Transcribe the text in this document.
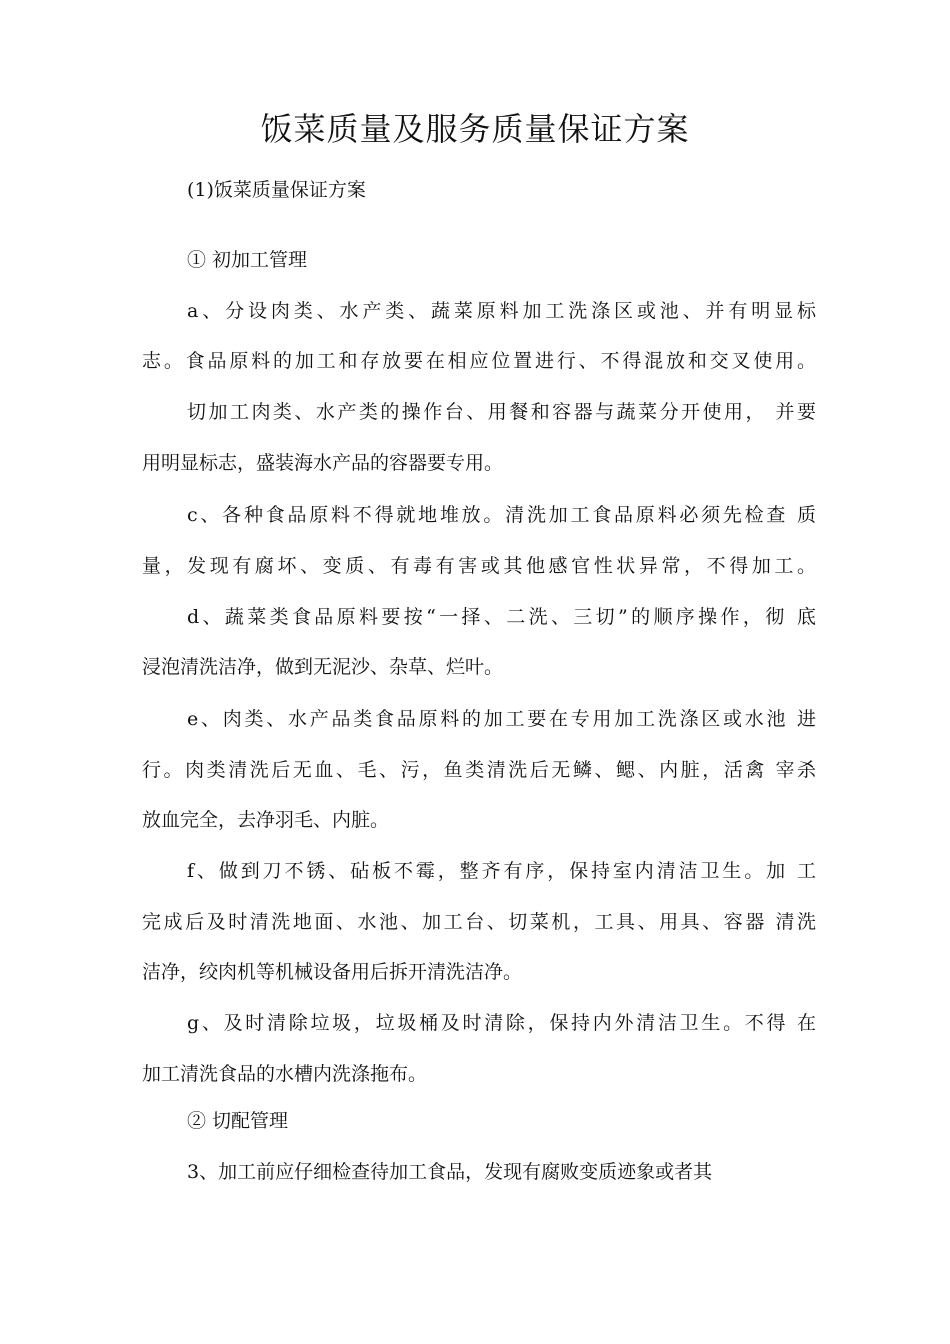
饭菜质量及服务质量保证方案

(1)饭菜质量保证方案

① 初加工管理

a、分设肉类、水产类、蔬菜原料加工洗涤区或池、并有明显标

志。食品原料的加工和存放要在相应位置进行、不得混放和交叉使用。

切加工肉类、水产类的操作台、用餐和容器与蔬菜分开使用， 并要

用明显标志，盛装海水产品的容器要专用。

c、各种食品原料不得就地堆放。清洗加工食品原料必须先检查 质

量，发现有腐坏、变质、有毒有害或其他感官性状异常，不得加工。

d、蔬菜类食品原料要按“一择、二洗、三切”的顺序操作，彻 底

浸泡清洗洁净，做到无泥沙、杂草、烂叶。

e、肉类、水产品类食品原料的加工要在专用加工洗涤区或水池 进

行。肉类清洗后无血、毛、污，鱼类清洗后无鳞、鳃、内脏，活禽 宰杀

放血完全，去净羽毛、内脏。

f、做到刀不锈、砧板不霉，整齐有序，保持室内清洁卫生。加 工

完成后及时清洗地面、水池、加工台、切菜机，工具、用具、容器 清洗

洁净，绞肉机等机械设备用后拆开清洗洁净。

g、及时清除垃圾，垃圾桶及时清除，保持内外清洁卫生。不得 在

加工清洗食品的水槽内洗涤拖布。

② 切配管理

3、加工前应仔细检查待加工食品，发现有腐败变质迹象或者其
